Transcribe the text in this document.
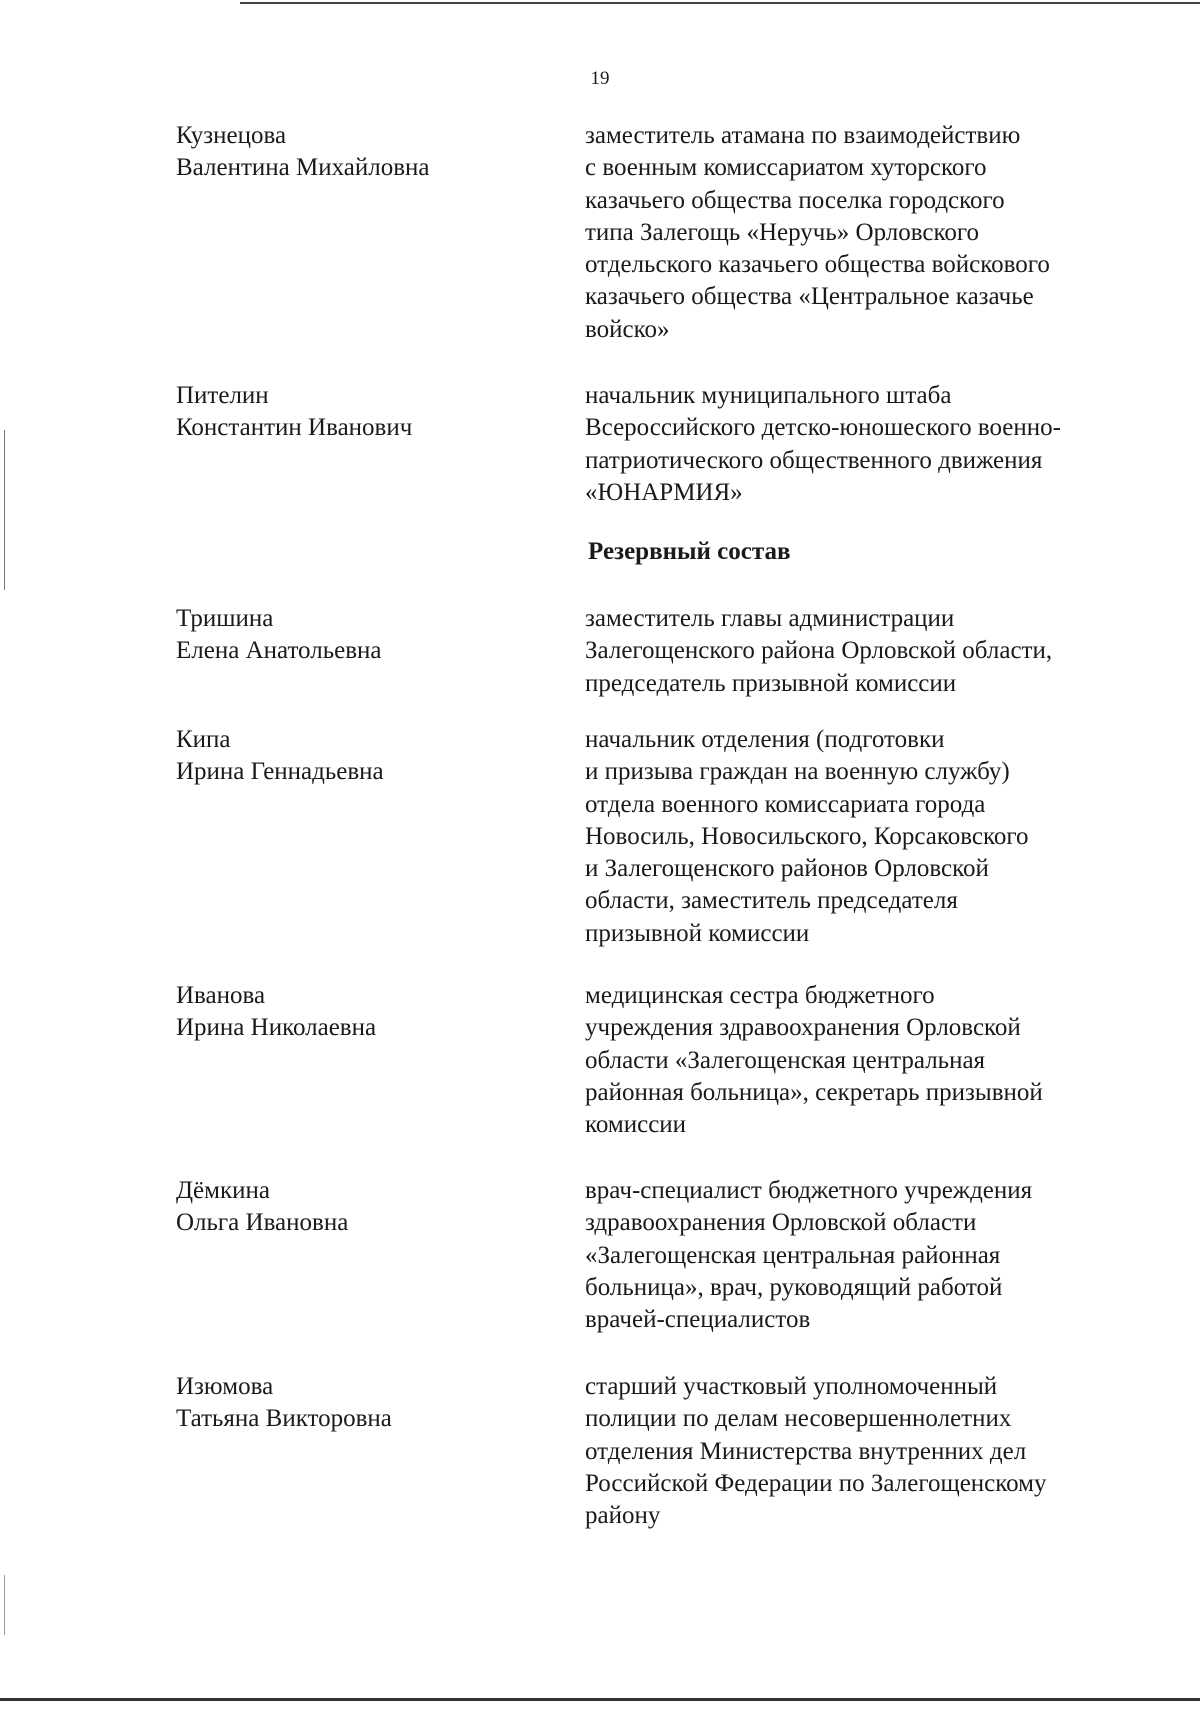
19
Кузнецова
Валентина Михайловна
заместитель атамана по взаимодействию
с военным комиссариатом хуторского
казачьего общества поселка городского
типа Залегощь «Неручь» Орловского
отдельского казачьего общества войскового
казачьего общества «Центральное казачье
войско»
Пителин
Константин Иванович
начальник муниципального штаба
Всероссийского детско-юношеского военно-
патриотического общественного движения
«ЮНАРМИЯ»
Резервный состав
Тришина
Елена Анатольевна
заместитель главы администрации
Залегощенского района Орловской области,
председатель призывной комиссии
Кипа
Ирина Геннадьевна
начальник отделения (подготовки
и призыва граждан на военную службу)
отдела военного комиссариата города
Новосиль, Новосильского, Корсаковского
и Залегощенского районов Орловской
области, заместитель председателя
призывной комиссии
Иванова
Ирина Николаевна
медицинская сестра бюджетного
учреждения здравоохранения Орловской
области «Залегощенская центральная
районная больница», секретарь призывной
комиссии
Дёмкина
Ольга Ивановна
врач-специалист бюджетного учреждения
здравоохранения Орловской области
«Залегощенская центральная районная
больница», врач, руководящий работой
врачей-специалистов
Изюмова
Татьяна Викторовна
старший участковый уполномоченный
полиции по делам несовершеннолетних
отделения Министерства внутренних дел
Российской Федерации по Залегощенскому
району
